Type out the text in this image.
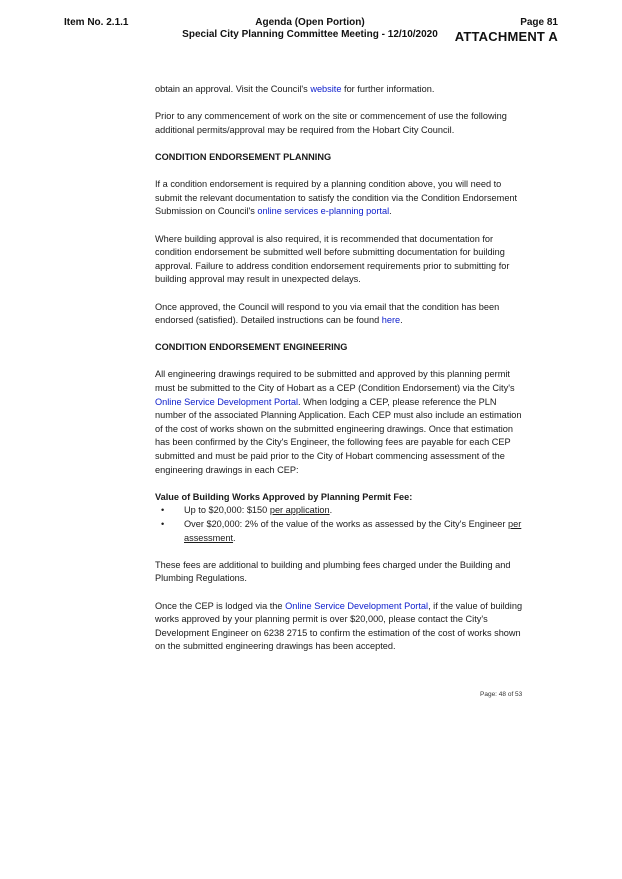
Item No. 2.1.1	Agenda (Open Portion)
Special City Planning Committee Meeting - 12/10/2020
Page 81
ATTACHMENT A

obtain an approval. Visit the Council's website for further information.

Prior to any commencement of work on the site or commencement of use the following additional permits/approval may be required from the Hobart City Council.

CONDITION ENDORSEMENT PLANNING

If a condition endorsement is required by a planning condition above, you will need to submit the relevant documentation to satisfy the condition via the Condition Endorsement Submission on Council's online services e-planning portal.

Where building approval is also required, it is recommended that documentation for condition endorsement be submitted well before submitting documentation for building approval. Failure to address condition endorsement requirements prior to submitting for building approval may result in unexpected delays.

Once approved, the Council will respond to you via email that the condition has been endorsed (satisfied). Detailed instructions can be found here.

CONDITION ENDORSEMENT ENGINEERING

All engineering drawings required to be submitted and approved by this planning permit must be submitted to the City of Hobart as a CEP (Condition Endorsement) via the City's Online Service Development Portal. When lodging a CEP, please reference the PLN number of the associated Planning Application. Each CEP must also include an estimation of the cost of works shown on the submitted engineering drawings. Once that estimation has been confirmed by the City's Engineer, the following fees are payable for each CEP submitted and must be paid prior to the City of Hobart commencing assessment of the engineering drawings in each CEP:

Value of Building Works Approved by Planning Permit Fee:

• Up to $20,000: $150 per application.
• Over $20,000: 2% of the value of the works as assessed by the City's Engineer per assessment.

These fees are additional to building and plumbing fees charged under the Building and Plumbing Regulations.

Once the CEP is lodged via the Online Service Development Portal, if the value of building works approved by your planning permit is over $20,000, please contact the City's Development Engineer on 6238 2715 to confirm the estimation of the cost of works shown on the submitted engineering drawings has been accepted.

Page: 48 of 53
